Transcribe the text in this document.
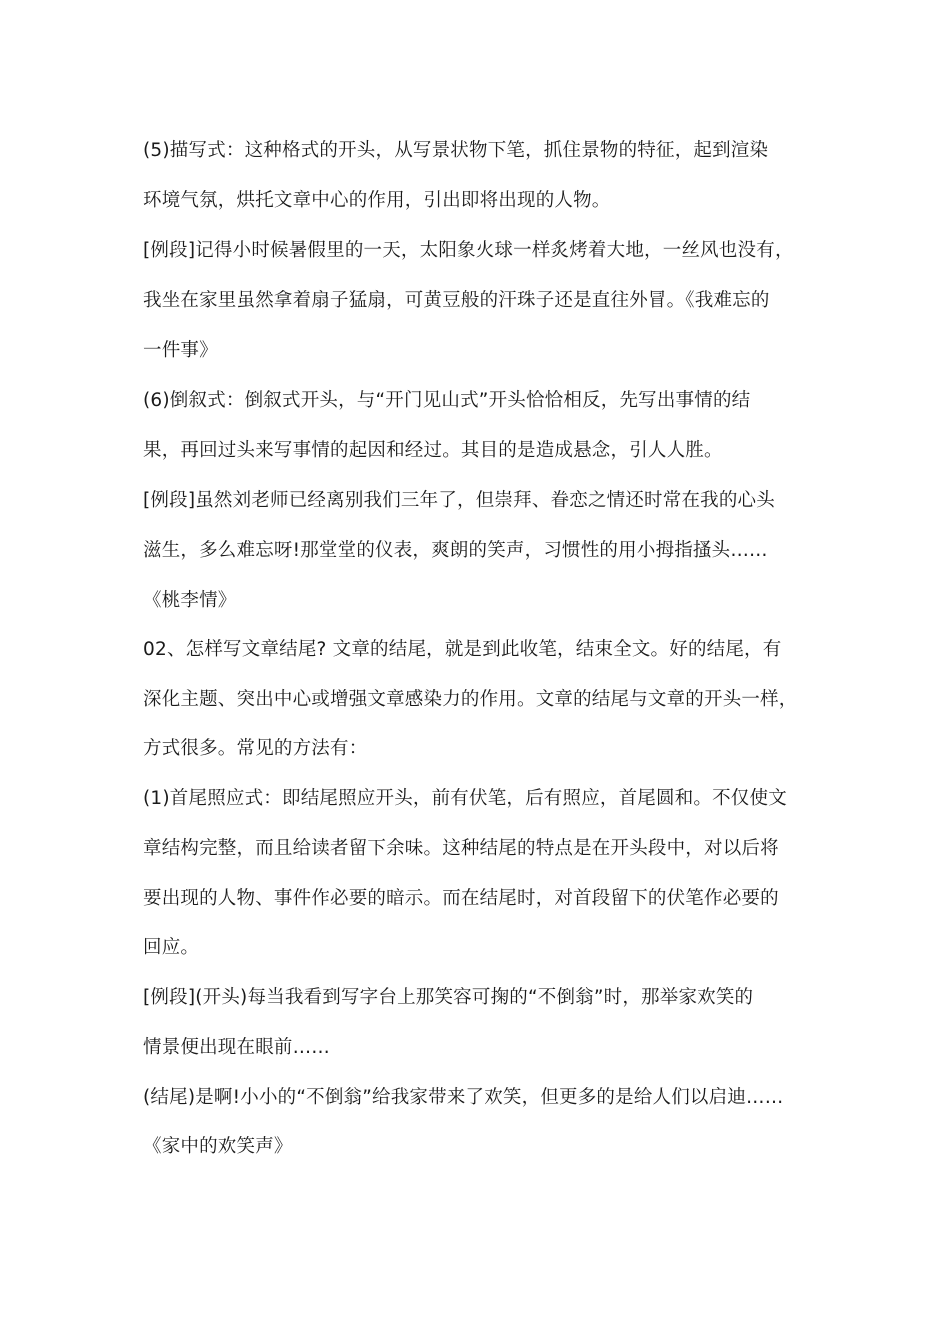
(5)描写式：这种格式的开头，从写景状物下笔，抓住景物的特征，起到渲染
环境气氛，烘托文章中心的作用，引出即将出现的人物。
[例段]记得小时候暑假里的一天，太阳象火球一样炙烤着大地，一丝风也没有，
我坐在家里虽然拿着扇子猛扇，可黄豆般的汗珠子还是直往外冒。《我难忘的
一件事》
(6)倒叙式：倒叙式开头，与“开门见山式”开头恰恰相反，先写出事情的结
果，再回过头来写事情的起因和经过。其目的是造成悬念，引人人胜。
[例段]虽然刘老师已经离别我们三年了，但崇拜、眷恋之情还时常在我的心头
滋生，多么难忘呀!那堂堂的仪表，爽朗的笑声，习惯性的用小拇指搔头……
《桃李情》
02、怎样写文章结尾? 文章的结尾，就是到此收笔，结束全文。好的结尾，有
深化主题、突出中心或增强文章感染力的作用。文章的结尾与文章的开头一样，
方式很多。常见的方法有：
(1)首尾照应式：即结尾照应开头，前有伏笔，后有照应，首尾圆和。不仅使文
章结构完整，而且给读者留下余味。这种结尾的特点是在开头段中，对以后将
要出现的人物、事件作必要的暗示。而在结尾时，对首段留下的伏笔作必要的
回应。
[例段](开头)每当我看到写字台上那笑容可掬的“不倒翁”时，那举家欢笑的
情景便出现在眼前……
(结尾)是啊!小小的“不倒翁”给我家带来了欢笑，但更多的是给人们以启迪……
《家中的欢笑声》
